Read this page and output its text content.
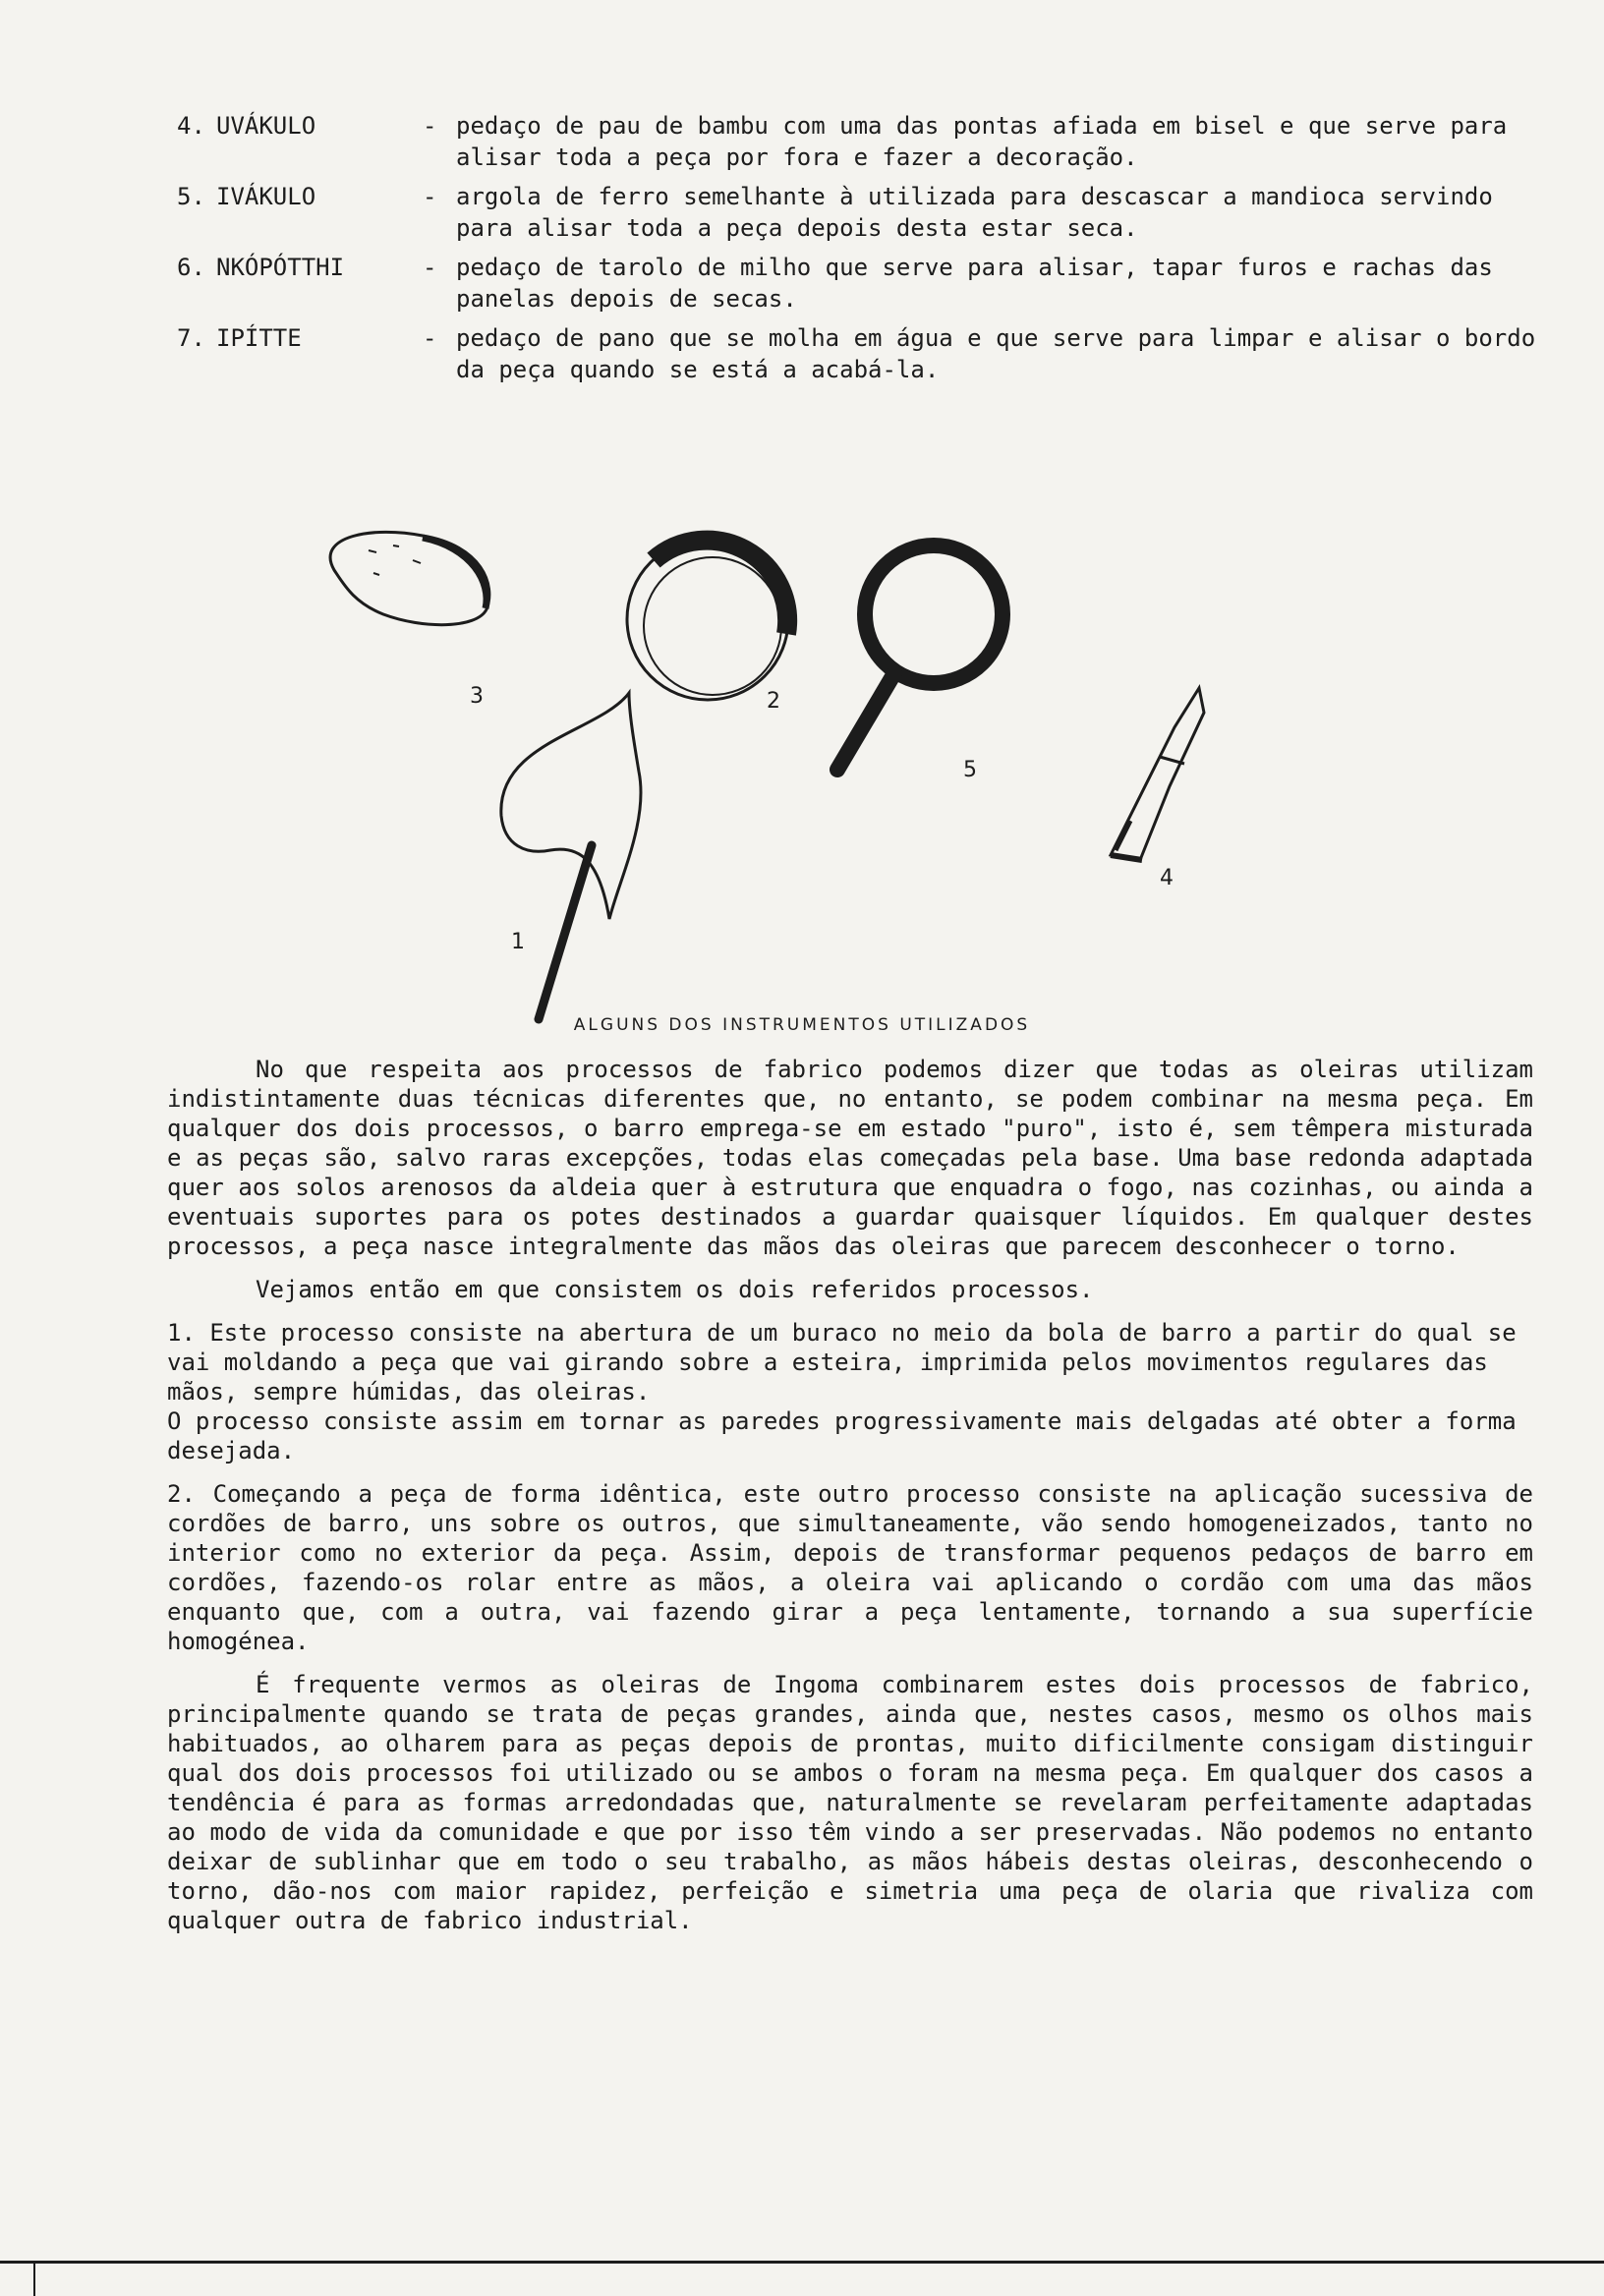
4. UVÁKULO	- pedaço de pau de bambu com uma das pontas afiada em bisel e que serve para alisar toda a peça por fora e fazer a decoração.
5. IVÁKULO	- argola de ferro semelhante à utilizada para descascar a mandioca servindo para alisar toda a peça depois desta estar seca.
6. NKÓPÓTTHI	- pedaço de tarolo de milho que serve para alisar, tapar furos e rachas das panelas depois de secas.
7. IPÍTTE	- pedaço de pano que se molha em água e que serve para limpar e alisar o bordo da peça quando se está a acabá-la.
3	2
5
4
1
ALGUNS DOS INSTRUMENTOS UTILIZADOS

No que respeita aos processos de fabrico podemos dizer que todas as oleiras utilizam indistintamente duas técnicas diferentes que, no entanto, se podem combinar na mesma peça. Em qualquer dos dois processos, o barro emprega-se em estado "puro", isto é, sem têmpera misturada e as peças são, salvo raras excepções, todas elas começadas pela base. Uma base redonda adaptada quer aos solos arenosos da aldeia quer à estrutura que enquadra o fogo, nas cozinhas, ou ainda a eventuais suportes para os potes destinados a guardar quaisquer líquidos. Em qualquer destes processos, a peça nasce integralmente das mãos das oleiras que parecem desconhecer o torno.

Vejamos então em que consistem os dois referidos processos.

1. Este processo consiste na abertura de um buraco no meio da bola de barro a partir do qual se vai moldando a peça que vai girando sobre a esteira, imprimida pelos movimentos regulares das mãos, sempre húmidas, das oleiras.
O processo consiste assim em tornar as paredes progressivamente mais delgadas até obter a forma desejada.

2. Começando a peça de forma idêntica, este outro processo consiste na aplicação sucessiva de cordões de barro, uns sobre os outros, que simultaneamente, vão sendo homogeneizados, tanto no interior como no exterior da peça. Assim, depois de transformar pequenos pedaços de barro em cordões, fazendo-os rolar entre as mãos, a oleira vai aplicando o cordão com uma das mãos enquanto que, com a outra, vai fazendo girar a peça lentamente, tornando a sua superfície homogénea.

É frequente vermos as oleiras de Ingoma combinarem estes dois processos de fabrico, principalmente quando se trata de peças grandes, ainda que, nestes casos, mesmo os olhos mais habituados, ao olharem para as peças depois de prontas, muito dificilmente consigam distinguir qual dos dois processos foi utilizado ou se ambos o foram na mesma peça. Em qualquer dos casos a tendência é para as formas arredondadas que, naturalmente se revelaram perfeitamente adaptadas ao modo de vida da comunidade e que por isso têm vindo a ser preservadas. Não podemos no entanto deixar de sublinhar que em todo o seu trabalho, as mãos hábeis destas oleiras, desconhecendo o torno, dão-nos com maior rapidez, perfeição e simetria uma peça de olaria que rivaliza com qualquer outra de fabrico industrial.
